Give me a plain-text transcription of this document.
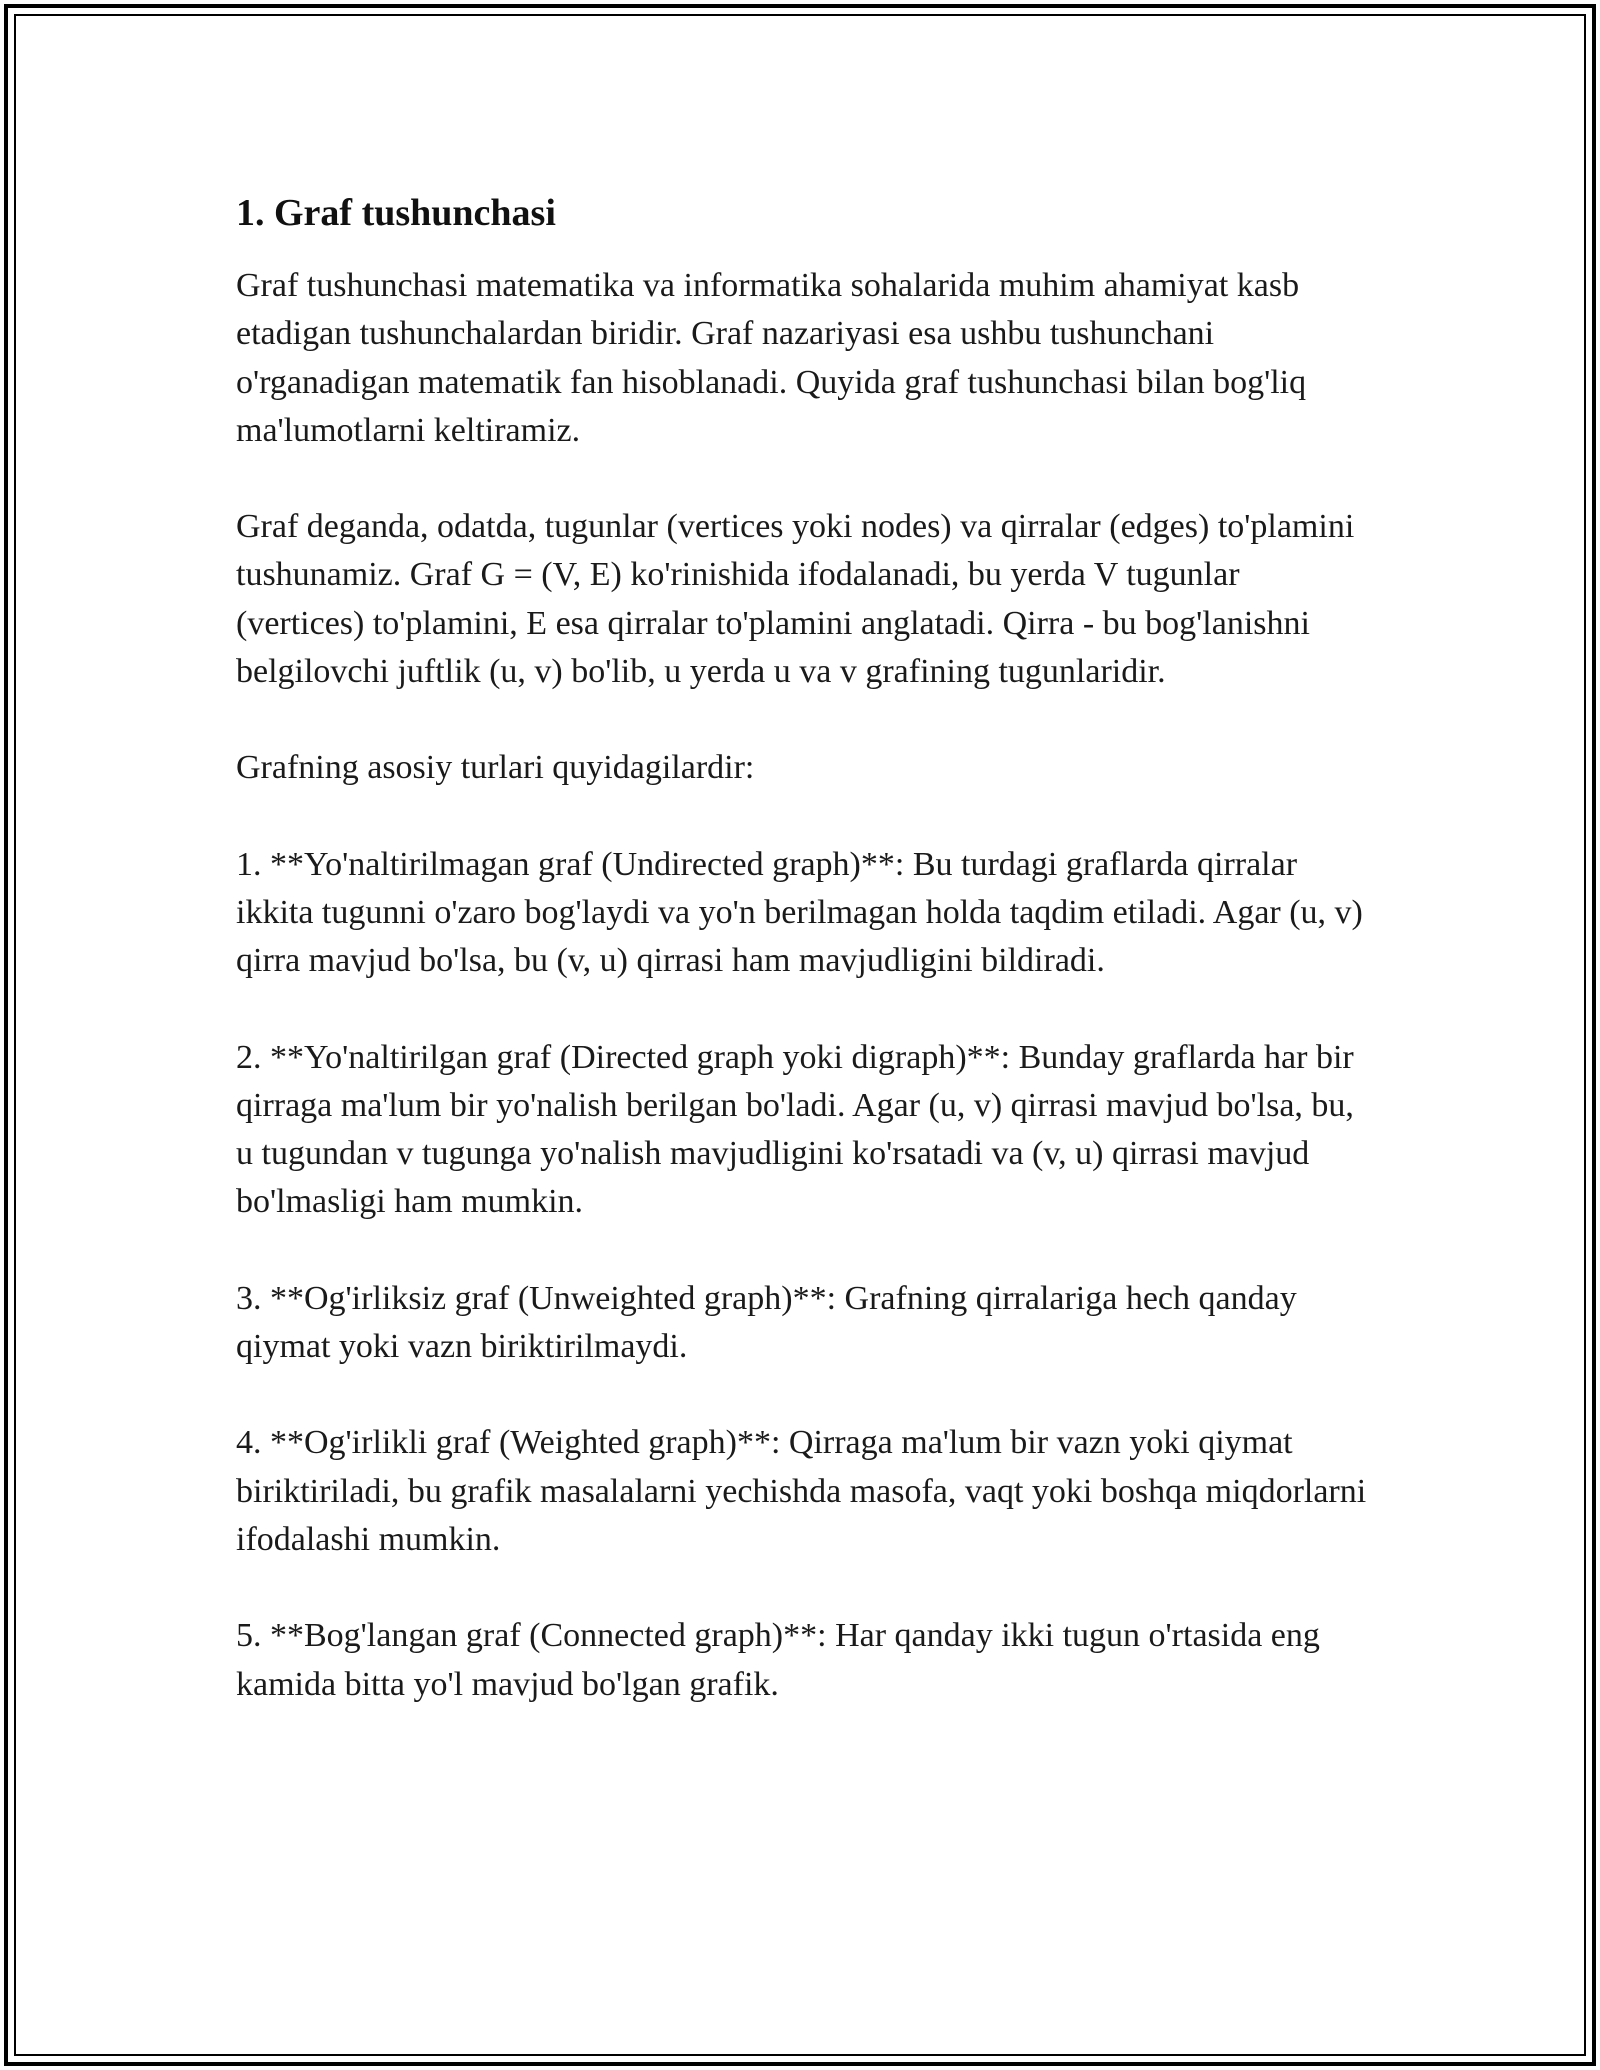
1. Graf tushunchasi

Graf tushunchasi matematika va informatika sohalarida muhim ahamiyat kasb etadigan tushunchalardan biridir. Graf nazariyasi esa ushbu tushunchani o'rganadigan matematik fan hisoblanadi. Quyida graf tushunchasi bilan bog'liq ma'lumotlarni keltiramiz.

Graf deganda, odatda, tugunlar (vertices yoki nodes) va qirralar (edges) to'plamini tushunamiz. Graf G = (V, E) ko'rinishida ifodalanadi, bu yerda V tugunlar (vertices) to'plamini, E esa qirralar to'plamini anglatadi. Qirra - bu bog'lanishni belgilovchi juftlik (u, v) bo'lib, u yerda u va v grafining tugunlaridir.

Grafning asosiy turlari quyidagilardir:

1. **Yo'naltirilmagan graf (Undirected graph)**: Bu turdagi graflarda qirralar ikkita tugunni o'zaro bog'laydi va yo'n berilmagan holda taqdim etiladi. Agar (u, v) qirra mavjud bo'lsa, bu (v, u) qirrasi ham mavjudligini bildiradi.

2. **Yo'naltirilgan graf (Directed graph yoki digraph)**: Bunday graflarda har bir qirraga ma'lum bir yo'nalish berilgan bo'ladi. Agar (u, v) qirrasi mavjud bo'lsa, bu, u tugundan v tugunga yo'nalish mavjudligini ko'rsatadi va (v, u) qirrasi mavjud bo'lmasligi ham mumkin.

3. **Og'irliksiz graf (Unweighted graph)**: Grafning qirralariga hech qanday qiymat yoki vazn biriktirilmaydi.

4. **Og'irlikli graf (Weighted graph)**: Qirraga ma'lum bir vazn yoki qiymat biriktiriladi, bu grafik masalalarni yechishda masofa, vaqt yoki boshqa miqdorlarni ifodalashi mumkin.

5. **Bog'langan graf (Connected graph)**: Har qanday ikki tugun o'rtasida eng kamida bitta yo'l mavjud bo'lgan grafik.
